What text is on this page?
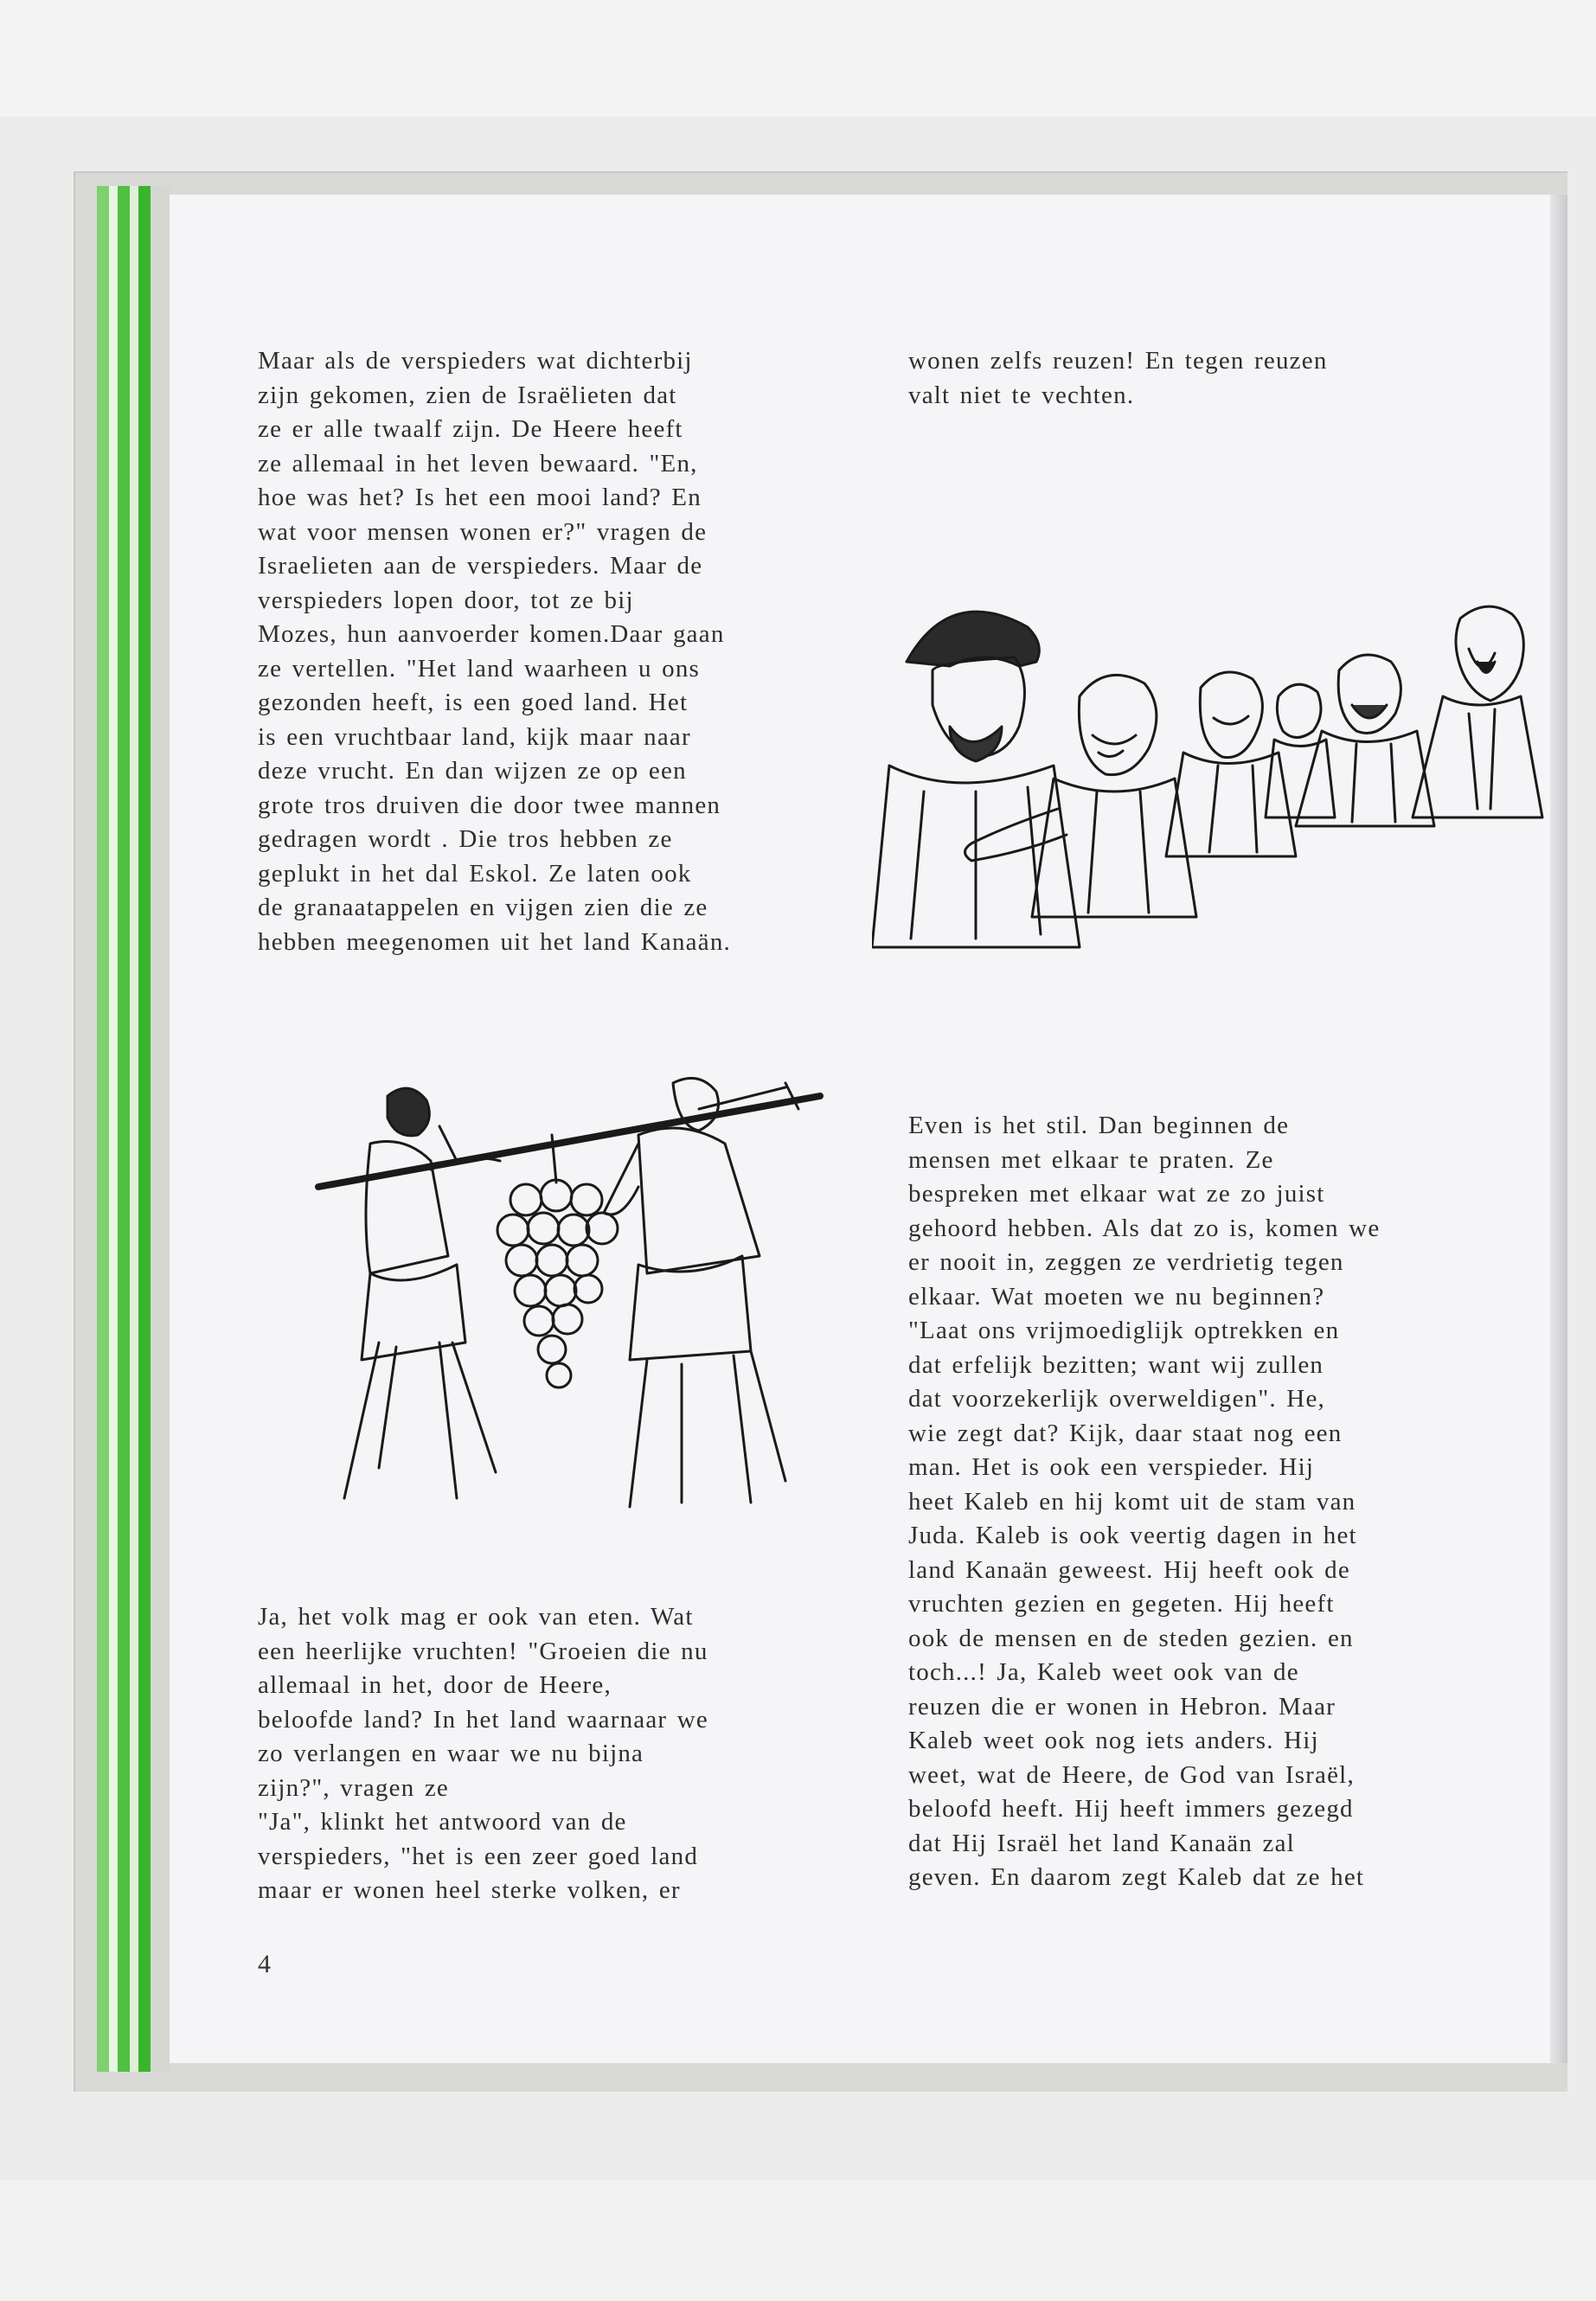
Maar als de verspieders wat dichterbij
zijn gekomen, zien de Israëlieten dat
ze er alle twaalf zijn. De Heere heeft
ze allemaal in het leven bewaard. "En,
hoe was het? Is het een mooi land? En
wat voor mensen wonen er?" vragen de
Israelieten aan de verspieders. Maar de
verspieders lopen door, tot ze bij
Mozes, hun aanvoerder komen.Daar gaan
ze vertellen. "Het land waarheen u ons
gezonden heeft, is een goed land. Het
is een vruchtbaar land, kijk maar naar
deze vrucht. En dan wijzen ze op een
grote tros druiven die door twee mannen
gedragen wordt . Die tros hebben ze
geplukt in het dal Eskol. Ze laten ook
de granaatappelen en vijgen zien die ze
hebben meegenomen uit het land Kanaän.

wonen zelfs reuzen! En tegen reuzen
valt niet te vechten.

Even is het stil. Dan beginnen de
mensen met elkaar te praten. Ze
bespreken met elkaar wat ze zo juist
gehoord hebben. Als dat zo is, komen we
er nooit in, zeggen ze verdrietig tegen
elkaar. Wat moeten we nu beginnen?
"Laat ons vrijmoediglijk optrekken en
dat erfelijk bezitten; want wij zullen
dat voorzekerlijk overweldigen". He,
wie zegt dat? Kijk, daar staat nog een
man. Het is ook een verspieder. Hij
heet Kaleb en hij komt uit de stam van
Juda. Kaleb is ook veertig dagen in het
land Kanaän geweest. Hij heeft ook de
vruchten gezien en gegeten. Hij heeft
ook de mensen en de steden gezien. en
toch...! Ja, Kaleb weet ook van de
reuzen die er wonen in Hebron. Maar
Kaleb weet ook nog iets anders. Hij
weet, wat de Heere, de God van Israël,
beloofd heeft. Hij heeft immers gezegd
dat Hij Israël het land Kanaän zal
geven. En daarom zegt Kaleb dat ze het

Ja, het volk mag er ook van eten. Wat
een heerlijke vruchten! "Groeien die nu
allemaal in het, door de Heere,
beloofde land? In het land waarnaar we
zo verlangen en waar we nu bijna
zijn?", vragen ze
"Ja", klinkt het antwoord van de
verspieders, "het is een zeer goed land
maar er wonen heel sterke volken, er

4
